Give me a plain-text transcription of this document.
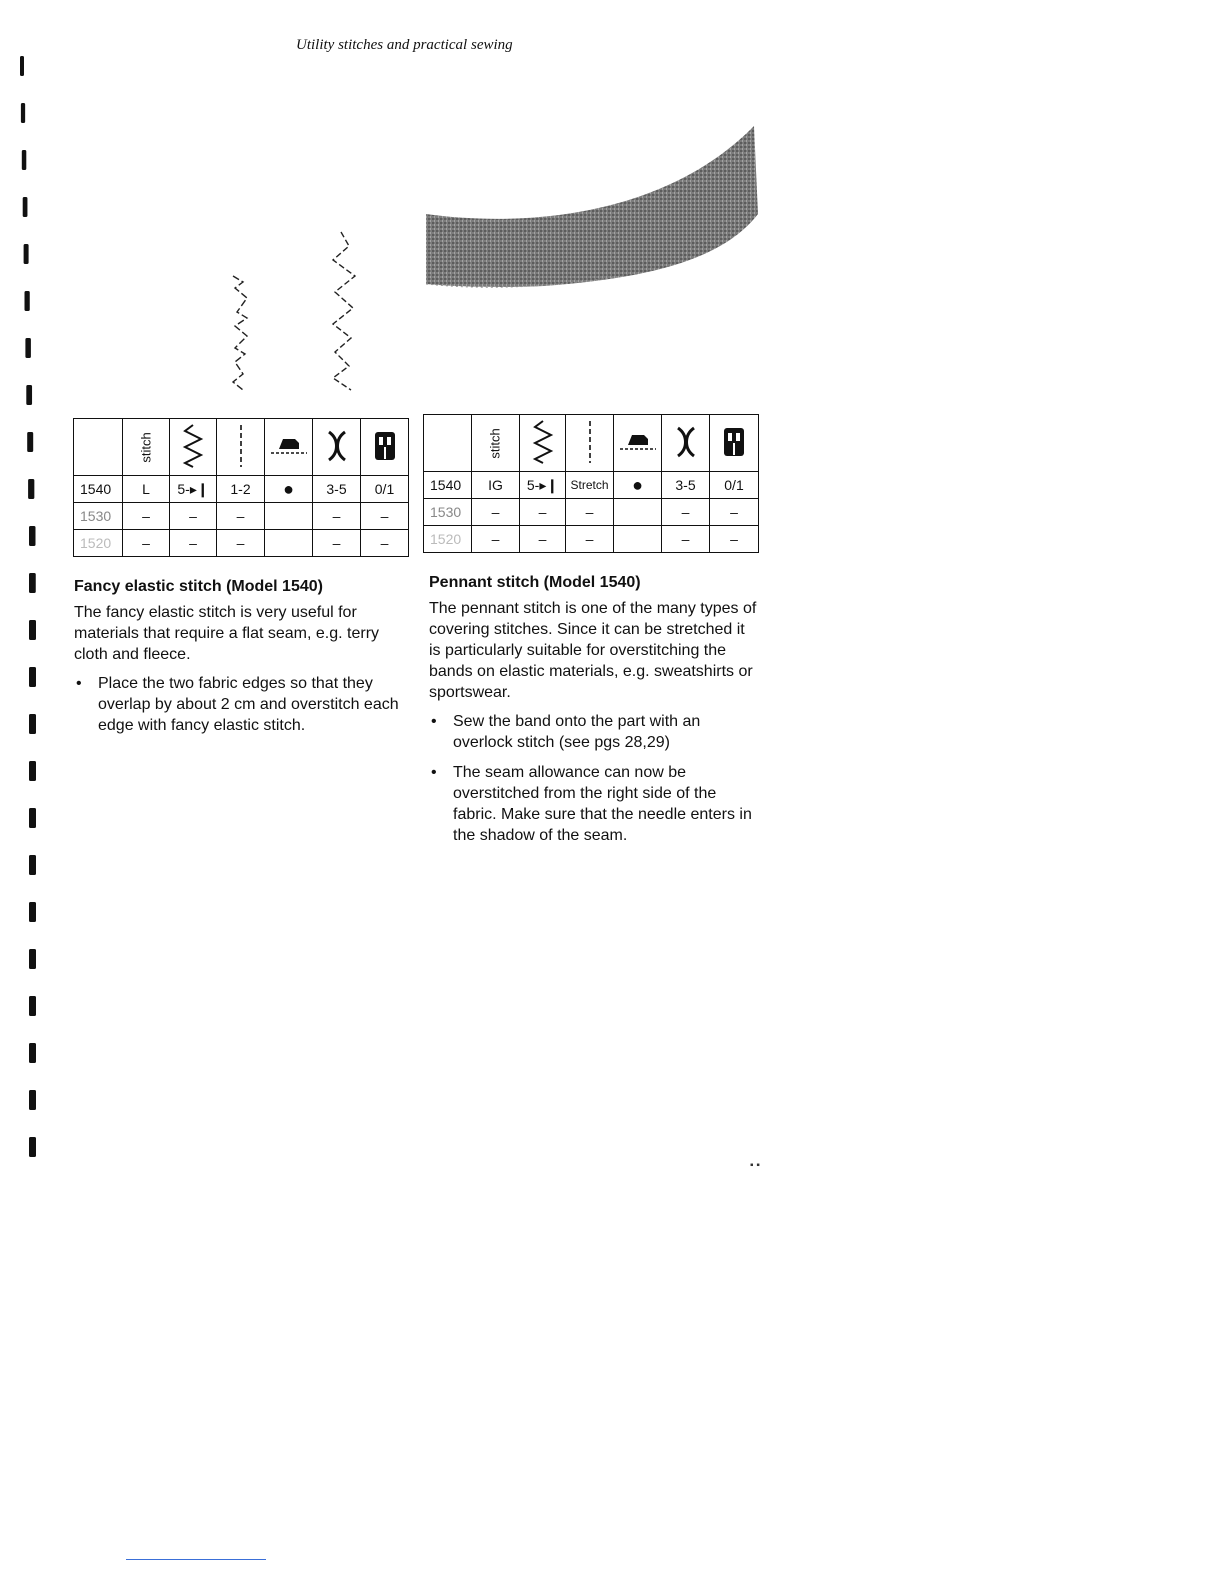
Utility stitches and practical sewing
	stitch					
1540	L	5-▸❙	1-2	●	3-5	0/1
1530	–	–	–		–	–
1520	–	–	–		–	–
	stitch					
1540	IG	5-▸❙	Stretch	●	3-5	0/1
1530	–	–	–		–	–
1520	–	–	–		–	–
Fancy elastic stitch (Model 1540)

The fancy elastic stitch is very useful for materials that require a flat seam, e.g. terry cloth and fleece.

• Place the two fabric edges so that they overlap by about 2 cm and overstitch each edge with fancy elastic stitch.
Pennant stitch (Model 1540)

The pennant stitch is one of the many types of covering stitches. Since it can be stretched it is particularly suitable for overstitching the bands on elastic materials, e.g. sweatshirts or sportswear.

• Sew the band onto the part with an overlock stitch (see pgs 28,29)
• The seam allowance can now be overstitched from the right side of the fabric. Make sure that the needle enters in the shadow of the seam.
▪ ▪
